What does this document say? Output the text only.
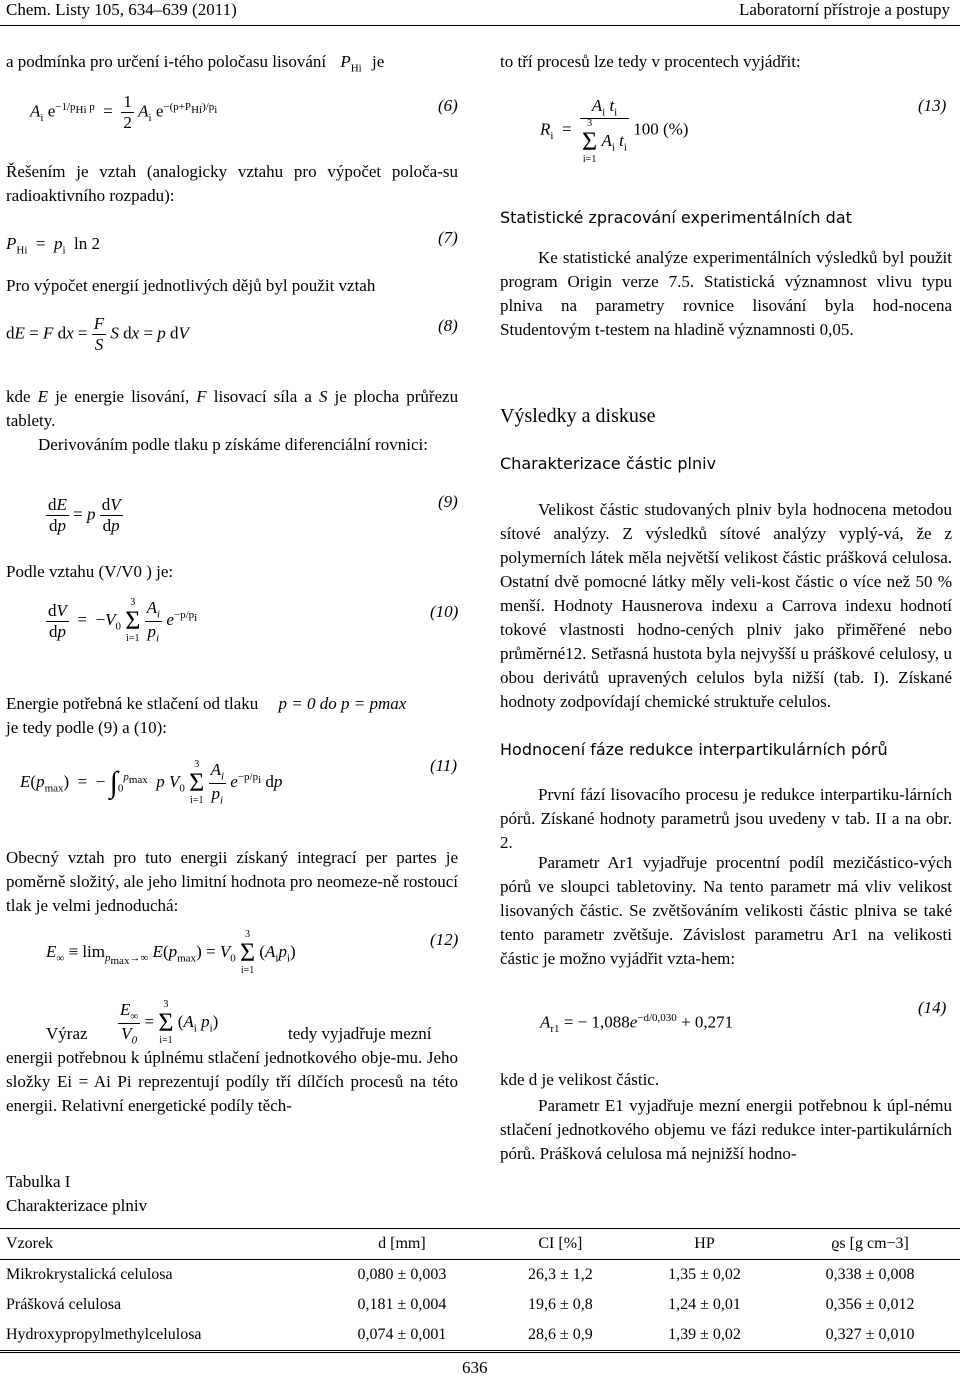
Chem. Listy 105, 634–639 (2011)	Laboratorní přístroje a postupy
a podmínka pro určení i-tého poločasu lisování $P_{Hi}$ je
$A_i$ $e^{-1/p_{Hi} p} = \frac{1}{2} A_i$ $e^{-(p+P_{Hi})/p_i}$	(6)
Řešením je vztah (analogicky vztahu pro výpočet poloča-su radioaktivního rozpadu):
$P_{Hi} = p_i$  ln 2	(7)
Pro výpočet energií jednotlivých dějů byl použit vztah
dE = F dx = $\frac{F}{S}$ S dx = p dV	(8)
kde E je energie lisování, F lisovací síla a S je plocha průřezu tablety.
Derivováním podle tlaku p získáme diferenciální rovnici:
$\frac{dE}{dp} = p \frac{dV}{dp}$	(9)
Podle vztahu (V/V0 ) je:
$\frac{dV}{dp} = -V_0$
3
Σ
i=1
$\frac{A_i}{p_i} e^{-p/p_i}$	(10)
Energie potřebná ke stlačení od tlaku p = 0 do p = pmax
je tedy podle (9) a (10):
$E(p_{max})$  =  − $\int_0^{p_{max}}$ p $V_0$
3
Σ
i=1
$\frac{A_i}{p_i} e^{-p/p_i}$ dp
(11)
Obecný vztah pro tuto energii získaný integrací per partes je poměrně složitý, ale jeho limitní hodnota pro neomeze-ně rostoucí tlak je velmi jednoduchá:
$E_\infty \equiv \lim_{p_{max}\to\infty} E(p_{max}) = V_0$
3
Σ
i=1
$(A_ip_i)$
(12)
Výraz $\frac{E_\infty}{V_0}$ =
3
Σ
i=1
($A_i$ $p_i$)
tedy vyjadřuje mezní
energii potřebnou k úplnému stlačení jednotkového obje-mu. Jeho složky Ei = Ai Pi reprezentují podíly tří dílčích procesů na této energii. Relativní energetické podíly těch-
Tabulka I
Charakterizace plniv
to tří procesů lze tedy v procentech vyjádřit:
$R_i = A_i$ $t_i$
3
Σ
i=1
$A_i$ $t_i$ 100 (%)
(13)
Statistické zpracování experimentálních dat
Ke statistické analýze experimentálních výsledků byl použit program Origin verze 7.5. Statistická významnost vlivu typu plniva na parametry rovnice lisování byla hod-nocena Studentovým t-testem na hladině významnosti 0,05.
Výsledky a diskuse
Charakterizace částic plniv
Velikost částic studovaných plniv byla hodnocena metodou sítové analýzy. Z výsledků sítové analýzy vyplý-vá, že z polymerních látek měla největší velikost částic prášková celulosa. Ostatní dvě pomocné látky měly veli-kost částic o více než 50 % menší. Hodnoty Hausnerova indexu a Carrova indexu hodnotí tokové vlastnosti hodno-cených plniv jako přiměřené nebo průměrné12. Setřasná hustota byla nejvyšší u práškové celulosy, u obou derivátů upravených celulos byla nižší (tab. I). Získané hodnoty zodpovídají chemické struktuře celulos.
Hodnocení fáze redukce interpartikulárních pórů
První fází lisovacího procesu je redukce interpartiku-lárních pórů. Získané hodnoty parametrů jsou uvedeny v tab. II a na obr. 2.
Parametr Ar1 vyjadřuje procentní podíl mezičástico-vých pórů ve sloupci tabletoviny. Na tento parametr má vliv velikost lisovaných částic. Se zvětšováním velikosti částic plniva se také tento parametr zvětšuje. Závislost parametru Ar1 na velikosti částic je možno vyjádřit vzta-hem:
$A_{r1}$ = − $1,088e^{-d/0,030} + 0,271$
(14)
kde d je velikost částic.
Parametr E1 vyjadřuje mezní energii potřebnou k úpl-nému stlačení jednotkového objemu ve fázi redukce inter-partikulárních pórů. Prášková celulosa má nejnižší hodno-
Vzorek	d [mm]	CI [%]	HP	ϱs [g cm−3]
Mikrokrystalická celulosa	0,080 ± 0,003	26,3 ± 1,2	1,35 ± 0,02	0,338 ± 0,008
Prášková celulosa	0,181 ± 0,004	19,6 ± 0,8	1,24 ± 0,01	0,356 ± 0,012
Hydroxypropylmethylcelulosa	0,074 ± 0,001	28,6 ± 0,9	1,39 ± 0,02	0,327 ± 0,010
636
